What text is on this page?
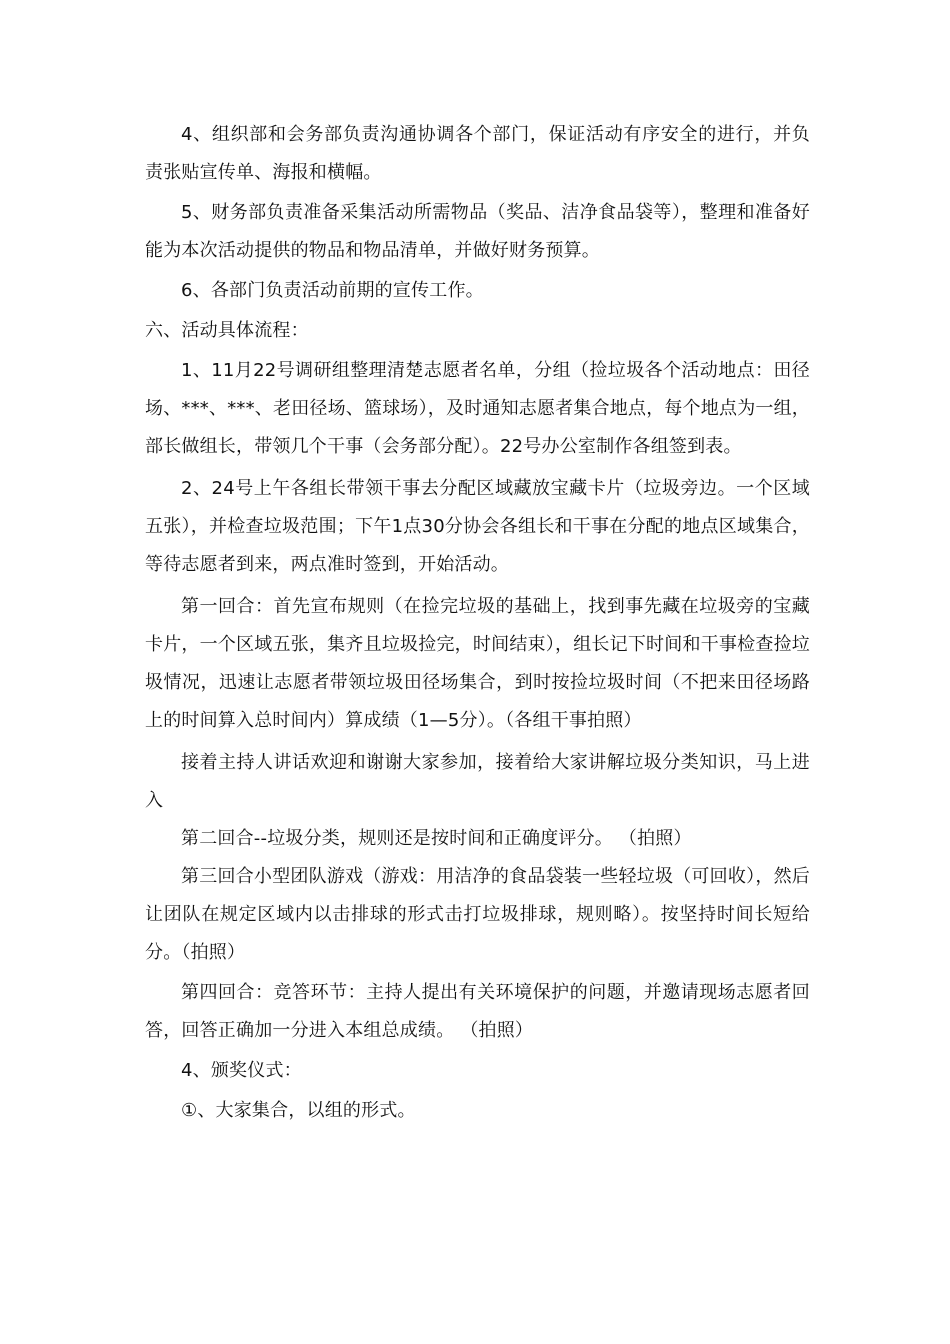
4、组织部和会务部负责沟通协调各个部门，保证活动有序安全的进行，并负责张贴宣传单、海报和横幅。

5、财务部负责准备采集活动所需物品（奖品、洁净食品袋等），整理和准备好能为本次活动提供的物品和物品清单，并做好财务预算。

6、各部门负责活动前期的宣传工作。

六、活动具体流程：

1、11月22号调研组整理清楚志愿者名单，分组（捡垃圾各个活动地点：田径场、***、***、老田径场、篮球场），及时通知志愿者集合地点，每个地点为一组，部长做组长，带领几个干事（会务部分配）。22号办公室制作各组签到表。

2、24号上午各组长带领干事去分配区域藏放宝藏卡片（垃圾旁边。一个区域五张），并检查垃圾范围；下午1点30分协会各组长和干事在分配的地点区域集合，等待志愿者到来，两点准时签到，开始活动。

第一回合：首先宣布规则（在捡完垃圾的基础上，找到事先藏在垃圾旁的宝藏卡片，一个区域五张，集齐且垃圾捡完，时间结束），组长记下时间和干事检查捡垃圾情况，迅速让志愿者带领垃圾田径场集合，到时按捡垃圾时间（不把来田径场路上的时间算入总时间内）算成绩（1—5分）。（各组干事拍照）

接着主持人讲话欢迎和谢谢大家参加，接着给大家讲解垃圾分类知识，马上进入

第二回合--垃圾分类，规则还是按时间和正确度评分。 （拍照）

第三回合小型团队游戏（游戏：用洁净的食品袋装一些轻垃圾（可回收），然后让团队在规定区域内以击排球的形式击打垃圾排球，规则略）。按坚持时间长短给分。（拍照）

第四回合：竞答环节：主持人提出有关环境保护的问题，并邀请现场志愿者回答，回答正确加一分进入本组总成绩。 （拍照）

4、颁奖仪式：

①、大家集合，以组的形式。
